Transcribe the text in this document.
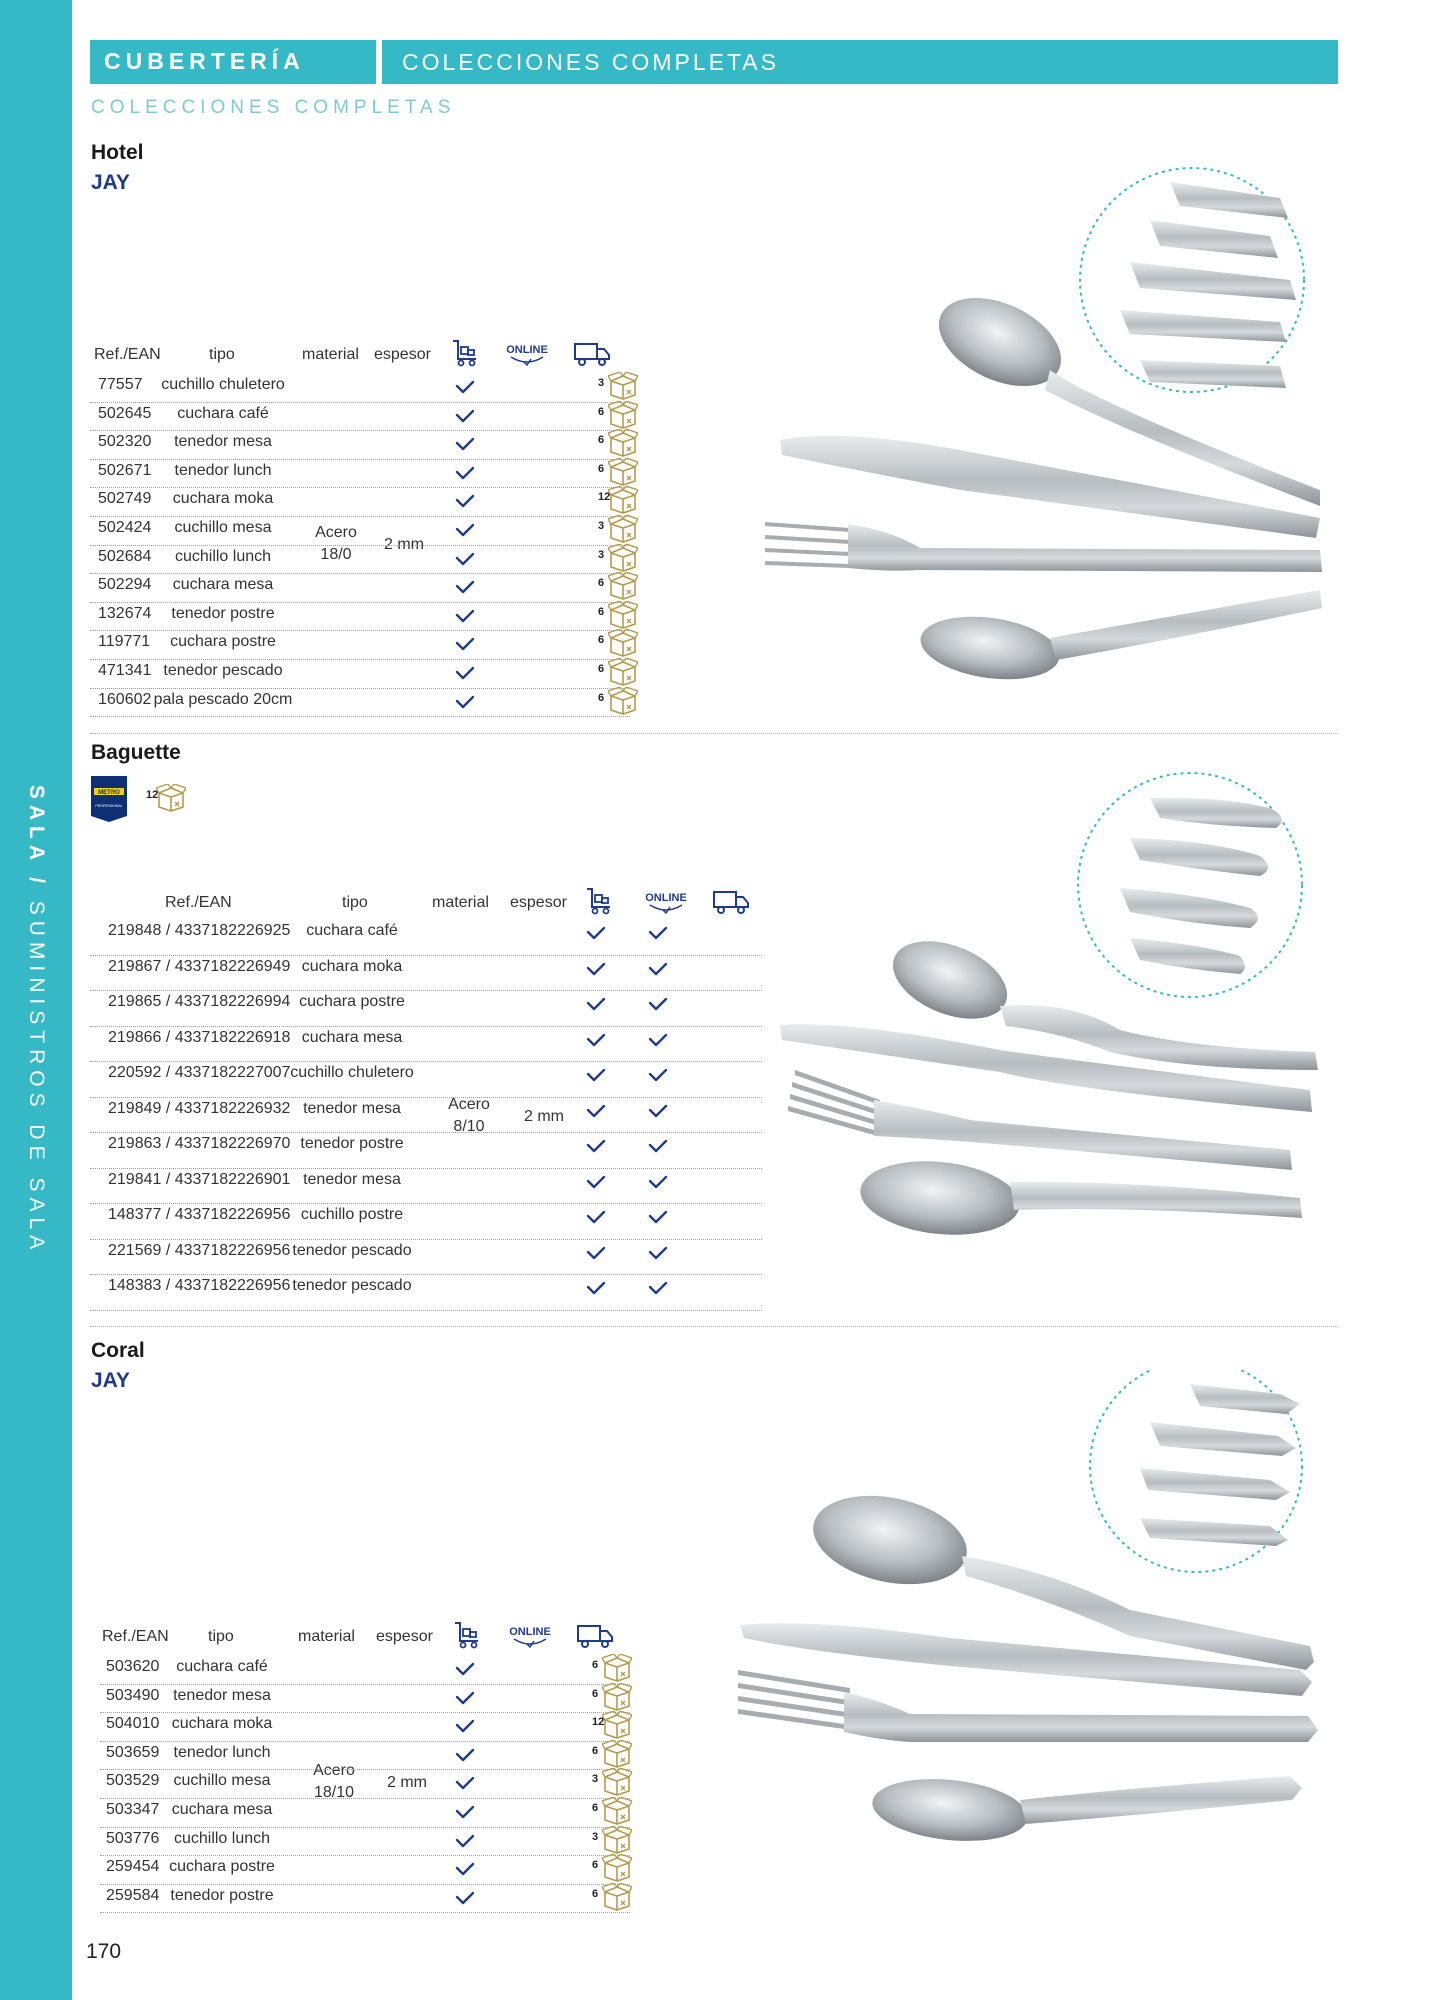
SALA / SUMINISTROS DE SALA
CUBERTERÍA	COLECCIONES COMPLETAS
COLECCIONES COMPLETAS
Hotel
JAY
Ref./EAN	tipo	material espesor	ONLINE
Acero
18/0
2 mm
77557 cuchillo chuletero	3
502645 cuchara café	6
502320 tenedor mesa	6
502671 tenedor lunch	6
502749 cuchara moka	12
502424 cuchillo mesa	3
502684 cuchillo lunch	3
502294 cuchara mesa	6
132674 tenedor postre	6
119771 cuchara postre	6
471341 tenedor pescado	6
160602 pala pescado 20cm	6
Baguette
METRO
PROFESSIONAL
12
Ref./EAN	tipo	material espesor	ONLINE
Acero
8/10
2 mm
219848 / 4337182226925 cuchara café
219867 / 4337182226949 cuchara moka
219865 / 4337182226994 cuchara postre
219866 / 4337182226918 cuchara mesa
220592 / 4337182227007 cuchillo chuletero
219849 / 4337182226932 tenedor mesa
219863 / 4337182226970 tenedor postre
219841 / 4337182226901 tenedor mesa
148377 / 4337182226956 cuchillo postre
221569 / 4337182226956 tenedor pescado
148383 / 4337182226956 tenedor pescado
Coral
JAY
Ref./EAN tipo	material espesor	ONLINE
Acero
18/10
2 mm
503620 cuchara café	6
503490 tenedor mesa	6
504010 cuchara moka	12
503659 tenedor lunch	6
503529 cuchillo mesa	3
503347 cuchara mesa	6
503776 cuchillo lunch	3
259454 cuchara postre	6
259584 tenedor postre	6
170
